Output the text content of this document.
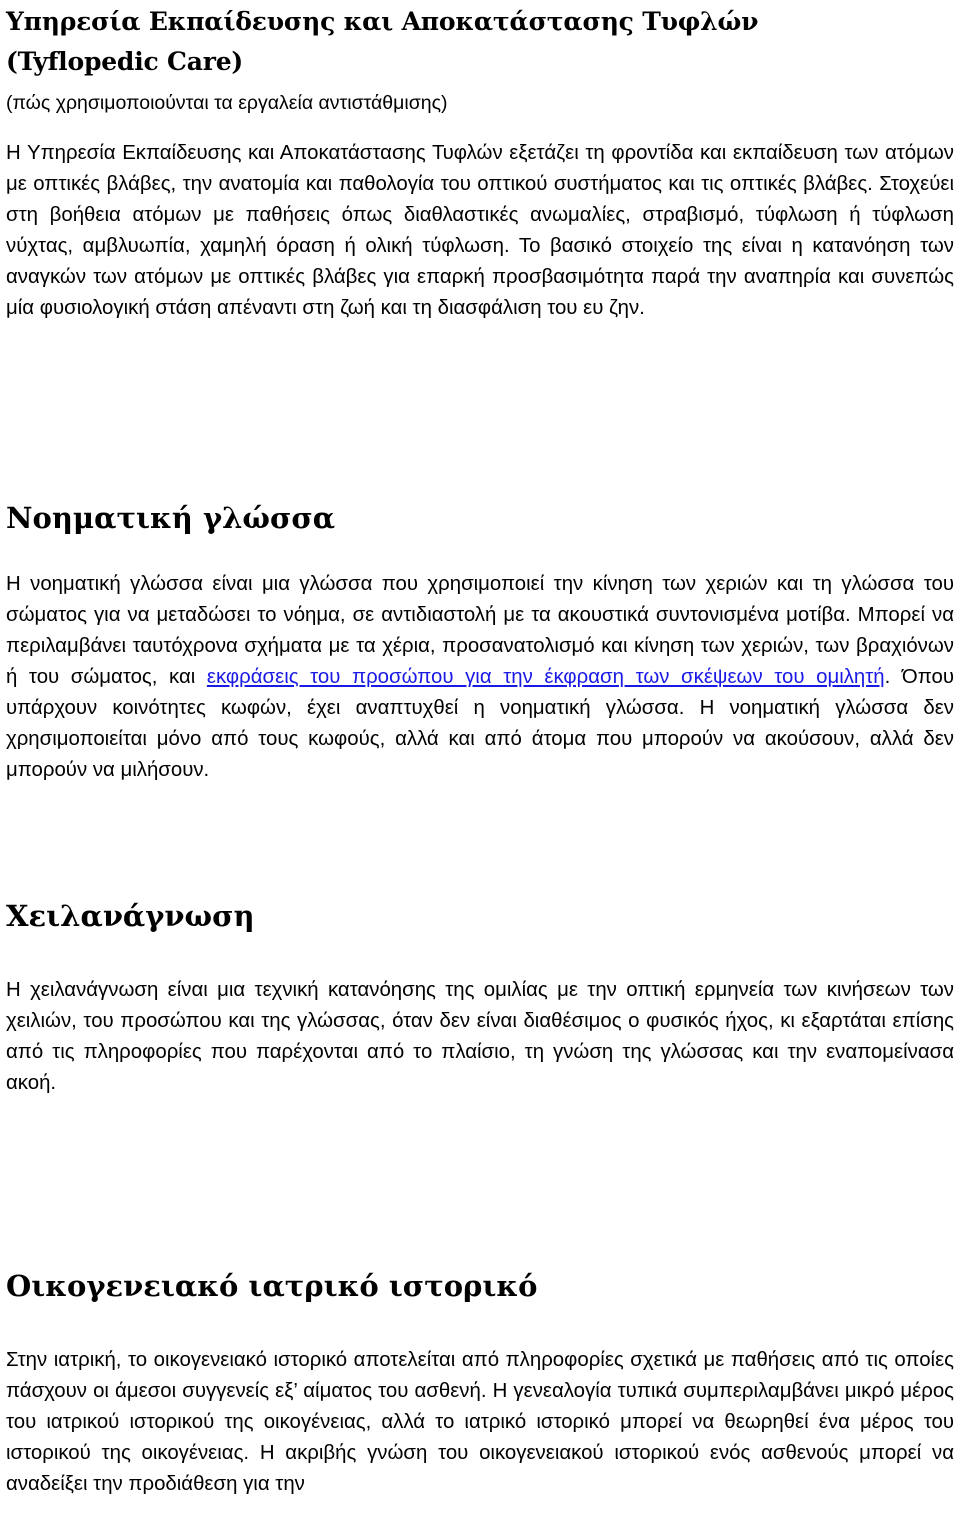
Υπηρεσία Εκπαίδευσης και Αποκατάστασης Τυφλών
(Tyflopedic Care)

(πώς χρησιμοποιούνται τα εργαλεία αντιστάθμισης)

Η Υπηρεσία Εκπαίδευσης και Αποκατάστασης Τυφλών εξετάζει τη φροντίδα και εκπαίδευση των ατόμων με οπτικές βλάβες, την ανατομία και παθολογία του οπτικού συστήματος και τις οπτικές βλάβες. Στοχεύει στη βοήθεια ατόμων με παθήσεις όπως διαθλαστικές ανωμαλίες, στραβισμό, τύφλωση ή τύφλωση νύχτας, αμβλυωπία, χαμηλή όραση ή ολική τύφλωση. Το βασικό στοιχείο της είναι η κατανόηση των αναγκών των ατόμων με οπτικές βλάβες για επαρκή προσβασιμότητα παρά την αναπηρία και συνεπώς μία φυσιολογική στάση απέναντι στη ζωή και τη διασφάλιση του ευ ζην.

Νοηματική γλώσσα

Η νοηματική γλώσσα είναι μια γλώσσα που χρησιμοποιεί την κίνηση των χεριών και τη γλώσσα του σώματος για να μεταδώσει το νόημα, σε αντιδιαστολή με τα ακουστικά συντονισμένα μοτίβα. Μπορεί να περιλαμβάνει ταυτόχρονα σχήματα με τα χέρια, προσανατολισμό και κίνηση των χεριών, των βραχιόνων ή του σώματος, και εκφράσεις του προσώπου για την έκφραση των σκέψεων του ομιλητή. Όπου υπάρχουν κοινότητες κωφών, έχει αναπτυχθεί η νοηματική γλώσσα. Η νοηματική γλώσσα δεν χρησιμοποιείται μόνο από τους κωφούς, αλλά και από άτομα που μπορούν να ακούσουν, αλλά δεν μπορούν να μιλήσουν.

Χειλανάγνωση

Η χειλανάγνωση είναι μια τεχνική κατανόησης της ομιλίας με την οπτική ερμηνεία των κινήσεων των χειλιών, του προσώπου και της γλώσσας, όταν δεν είναι διαθέσιμος ο φυσικός ήχος, κι εξαρτάται επίσης από τις πληροφορίες που παρέχονται από το πλαίσιο, τη γνώση της γλώσσας και την εναπομείνασα ακοή.

Οικογενειακό ιατρικό ιστορικό

Στην ιατρική, το οικογενειακό ιστορικό αποτελείται από πληροφορίες σχετικά με παθήσεις από τις οποίες πάσχουν οι άμεσοι συγγενείς εξ’ αίματος του ασθενή. Η γενεαλογία τυπικά συμπεριλαμβάνει μικρό μέρος του ιατρικού ιστορικού της οικογένειας, αλλά το ιατρικό ιστορικό μπορεί να θεωρηθεί ένα μέρος του ιστορικού της οικογένειας. Η ακριβής γνώση του οικογενειακού ιστορικού ενός ασθενούς μπορεί να αναδείξει την προδιάθεση για την
